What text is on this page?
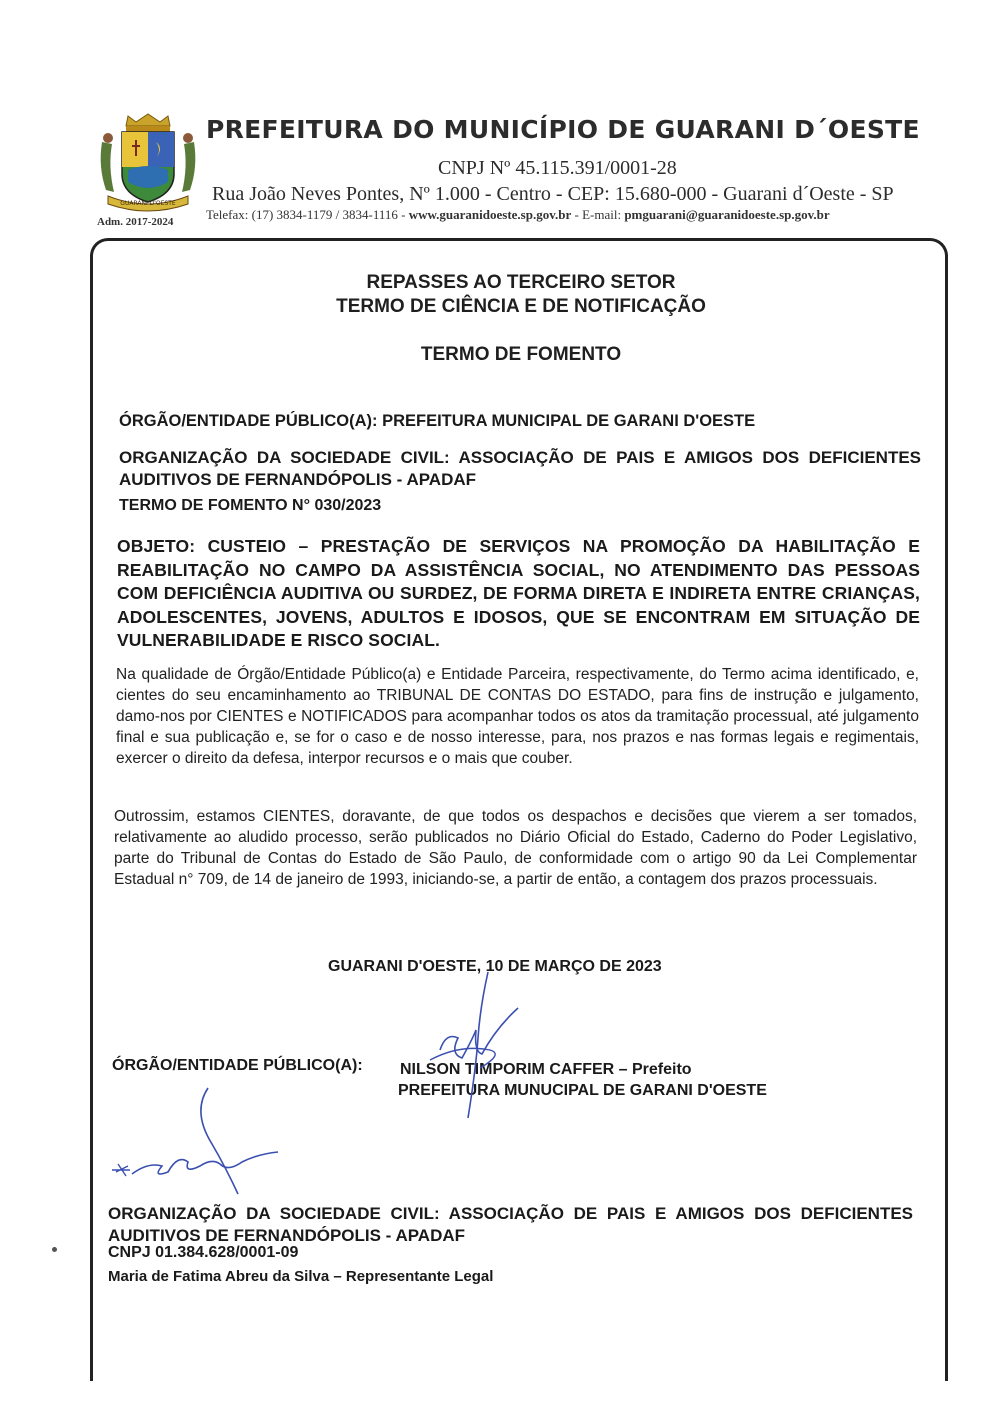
GUARANI D'OESTE
Adm. 2017-2024
PREFEITURA DO MUNICÍPIO DE GUARANI D´OESTE
CNPJ Nº 45.115.391/0001-28
Rua João Neves Pontes, Nº 1.000 - Centro - CEP: 15.680-000 - Guarani d´Oeste - SP
Telefax: (17) 3834-1179 / 3834-1116 - www.guaranidoeste.sp.gov.br - E-mail: pmguarani@guaranidoeste.sp.gov.br
REPASSES AO TERCEIRO SETOR
TERMO DE CIÊNCIA E DE NOTIFICAÇÃO
TERMO DE FOMENTO
ÓRGÃO/ENTIDADE PÚBLICO(A): PREFEITURA MUNICIPAL DE GARANI D'OESTE
ORGANIZAÇÃO DA SOCIEDADE CIVIL: ASSOCIAÇÃO DE PAIS E AMIGOS DOS DEFICIENTES AUDITIVOS DE FERNANDÓPOLIS - APADAF
TERMO DE FOMENTO N° 030/2023
OBJETO: CUSTEIO – PRESTAÇÃO DE SERVIÇOS NA PROMOÇÃO DA HABILITAÇÃO E REABILITAÇÃO NO CAMPO DA ASSISTÊNCIA SOCIAL, NO ATENDIMENTO DAS PESSOAS COM DEFICIÊNCIA AUDITIVA OU SURDEZ, DE FORMA DIRETA E INDIRETA ENTRE CRIANÇAS, ADOLESCENTES, JOVENS, ADULTOS E IDOSOS, QUE SE ENCONTRAM EM SITUAÇÃO DE VULNERABILIDADE E RISCO SOCIAL.
Na qualidade de Órgão/Entidade Público(a) e Entidade Parceira, respectivamente, do Termo acima identificado, e, cientes do seu encaminhamento ao TRIBUNAL DE CONTAS DO ESTADO, para fins de instrução e julgamento, damo-nos por CIENTES e NOTIFICADOS para acompanhar todos os atos da tramitação processual, até julgamento final e sua publicação e, se for o caso e de nosso interesse, para, nos prazos e nas formas legais e regimentais, exercer o direito da defesa, interpor recursos e o mais que couber.
Outrossim, estamos CIENTES, doravante, de que todos os despachos e decisões que vierem a ser tomados, relativamente ao aludido processo, serão publicados no Diário Oficial do Estado, Caderno do Poder Legislativo, parte do Tribunal de Contas do Estado de São Paulo, de conformidade com o artigo 90 da Lei Complementar Estadual n° 709, de 14 de janeiro de 1993, iniciando-se, a partir de então, a contagem dos prazos processuais.
GUARANI D'OESTE, 10 DE MARÇO DE 2023
ÓRGÃO/ENTIDADE PÚBLICO(A): NILSON TIMPORIM CAFFER – Prefeito
PREFEITURA MUNUCIPAL DE GARANI D'OESTE
ORGANIZAÇÃO DA SOCIEDADE CIVIL: ASSOCIAÇÃO DE PAIS E AMIGOS DOS DEFICIENTES AUDITIVOS DE FERNANDÓPOLIS - APADAF
CNPJ 01.384.628/0001-09
Maria de Fatima Abreu da Silva – Representante Legal
